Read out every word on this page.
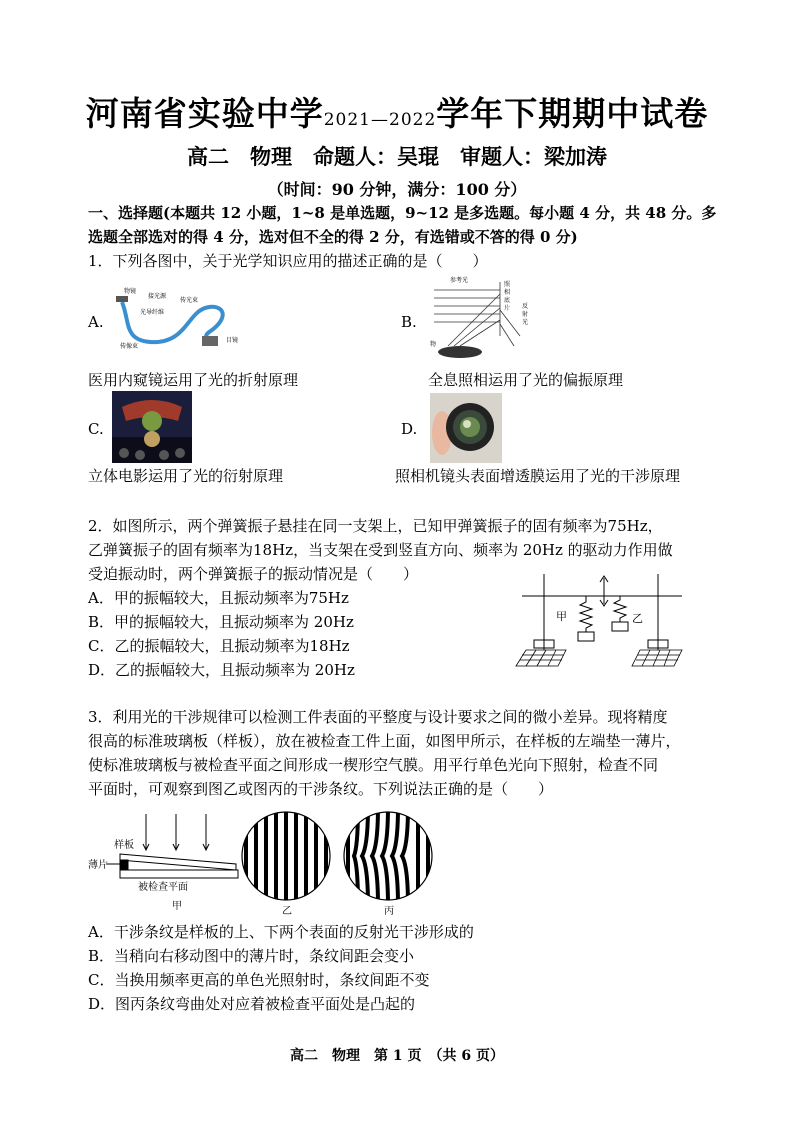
河南省实验中学2021—2022学年下期期中试卷
高二　物理　命题人：吴琨　审题人：梁加涛
（时间：90 分钟，满分：100 分）
一、选择题(本题共 12 小题，1~8 是单选题，9~12 是多选题。每小题 4 分，共 48 分。多
选题全部选对的得 4 分，选对但不全的得 2 分，有选错或不答的得 0 分)
1．下列各图中，关于光学知识应用的描述正确的是（　　）
A.	B.
物镜
接光源
传光束
光导纤维
传像束
目镜
参考光
照
相
底
片 反
射
光
物
医用内窥镜运用了光的折射原理	全息照相运用了光的偏振原理
C.	D.
立体电影运用了光的衍射原理	照相机镜头表面增透膜运用了光的干涉原理
2．如图所示，两个弹簧振子悬挂在同一支架上，已知甲弹簧振子的固有频率为75Hz，
乙弹簧振子的固有频率为18Hz，当支架在受到竖直方向、频率为 20Hz 的驱动力作用做
受迫振动时，两个弹簧振子的振动情况是（　　）
A．甲的振幅较大，且振动频率为75Hz
B．甲的振幅较大，且振动频率为 20Hz
C．乙的振幅较大，且振动频率为18Hz
D．乙的振幅较大，且振动频率为 20Hz
甲	乙
3．利用光的干涉规律可以检测工件表面的平整度与设计要求之间的微小差异。现将精度
很高的标准玻璃板（样板），放在被检查工件上面，如图甲所示，在样板的左端垫一薄片，
使标准玻璃板与被检查平面之间形成一楔形空气膜。用平行单色光向下照射，检查不同
平面时，可观察到图乙或图丙的干涉条纹。下列说法正确的是（　　）
样板
薄片
被检查平面
甲	乙	丙
A．干涉条纹是样板的上、下两个表面的反射光干涉形成的
B．当稍向右移动图中的薄片时，条纹间距会变小
C．当换用频率更高的单色光照射时，条纹间距不变
D．图丙条纹弯曲处对应着被检查平面处是凸起的
高二　物理　第 1 页　（共 6 页）
